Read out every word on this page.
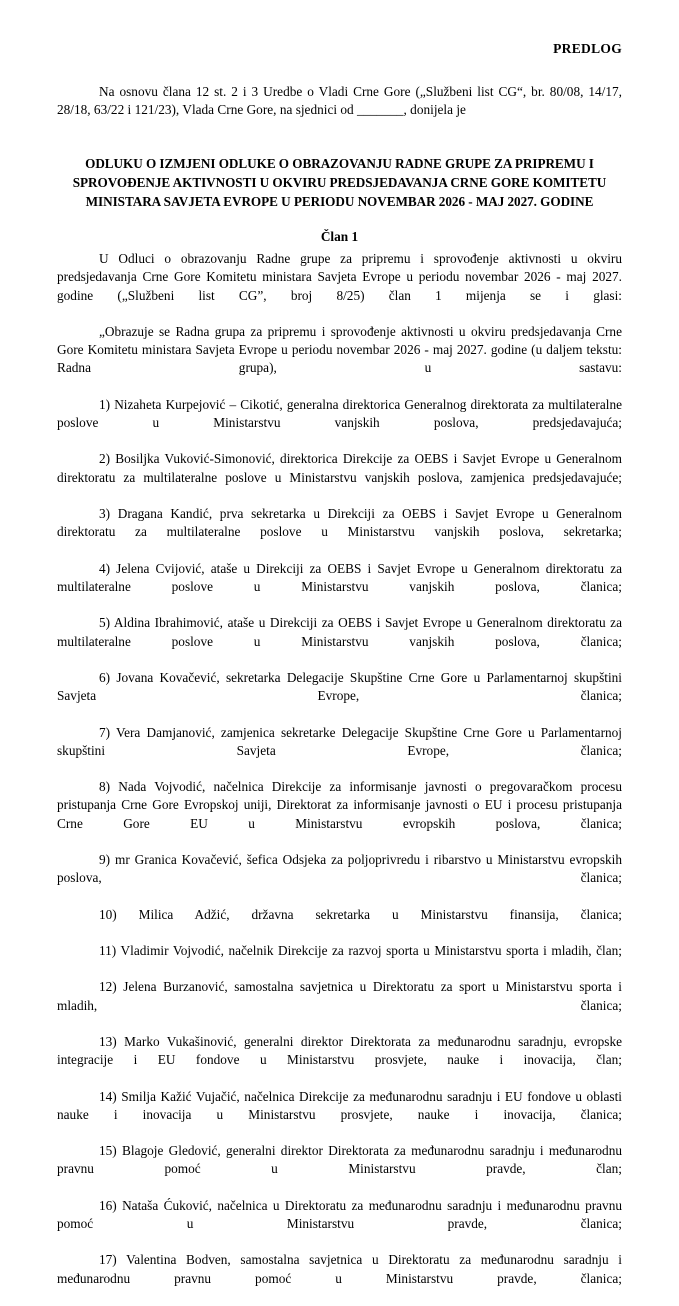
PREDLOG

Na osnovu člana 12 st. 2 i 3 Uredbe o Vladi Crne Gore („Službeni list CG“, br. 80/08, 14/17, 28/18, 63/22 i 121/23), Vlada Crne Gore, na sjednici od _______, donijela je

ODLUKU O IZMJENI ODLUKE O OBRAZOVANJU RADNE GRUPE ZA PRIPREMU I
SPROVOĐENJE AKTIVNOSTI U OKVIRU PREDSJEDAVANJA CRNE GORE KOMITETU
MINISTARA SAVJETA EVROPE U PERIODU NOVEMBAR 2026 - MAJ 2027. GODINE
Član 1

U Odluci o obrazovanju Radne grupe za pripremu i sprovođenje aktivnosti u okviru predsjedavanja Crne Gore Komitetu ministara Savjeta Evrope u periodu novembar 2026 - maj 2027. godine („Službeni list CG”, broj 8/25) član 1 mijenja se i glasi:

„Obrazuje se Radna grupa za pripremu i sprovođenje aktivnosti u okviru predsjedavanja Crne Gore Komitetu ministara Savjeta Evrope u periodu novembar 2026 - maj 2027. godine (u daljem tekstu: Radna grupa), u sastavu:

1) Nizaheta Kurpejović – Cikotić, generalna direktorica Generalnog direktorata za multilateralne poslove u Ministarstvu vanjskih poslova, predsjedavajuća;

2) Bosiljka Vuković-Simonović, direktorica Direkcije za OEBS i Savjet Evrope u Generalnom direktoratu za multilateralne poslove u Ministarstvu vanjskih poslova, zamjenica predsjedavajuće;

3) Dragana Kandić, prva sekretarka u Direkciji za OEBS i Savjet Evrope u Generalnom direktoratu za multilateralne poslove u Ministarstvu vanjskih poslova, sekretarka;

4) Jelena Cvijović, ataše u Direkciji za OEBS i Savjet Evrope u Generalnom direktoratu za multilateralne poslove u Ministarstvu vanjskih poslova, članica;

5) Aldina Ibrahimović, ataše u Direkciji za OEBS i Savjet Evrope u Generalnom direktoratu za multilateralne poslove u Ministarstvu vanjskih poslova, članica;

6) Jovana Kovačević, sekretarka Delegacije Skupštine Crne Gore u Parlamentarnoj skupštini Savjeta Evrope, članica;

7) Vera Damjanović, zamjenica sekretarke Delegacije Skupštine Crne Gore u Parlamentarnoj skupštini Savjeta Evrope, članica;

8) Nada Vojvodić, načelnica Direkcije za informisanje javnosti o pregovaračkom procesu pristupanja Crne Gore Evropskoj uniji, Direktorat za informisanje javnosti o EU i procesu pristupanja Crne Gore EU u Ministarstvu evropskih poslova, članica;

9) mr Granica Kovačević, šefica Odsjeka za poljoprivredu i ribarstvo u Ministarstvu evropskih poslova, članica;

10) Milica Adžić, državna sekretarka u Ministarstvu finansija, članica;

11) Vladimir Vojvodić, načelnik Direkcije za razvoj sporta u Ministarstvu sporta i mladih, član;

12) Jelena Burzanović, samostalna savjetnica u Direktoratu za sport u Ministarstvu sporta i mladih, članica;

13) Marko Vukašinović, generalni direktor Direktorata za međunarodnu saradnju, evropske integracije i EU fondove u Ministarstvu prosvjete, nauke i inovacija, član;

14) Smilja Kažić Vujačić, načelnica Direkcije za međunarodnu saradnju i EU fondove u oblasti nauke i inovacija u Ministarstvu prosvjete, nauke i inovacija, članica;

15) Blagoje Gledović, generalni direktor Direktorata za međunarodnu saradnju i međunarodnu pravnu pomoć u Ministarstvu pravde, član;

16) Nataša Ćuković, načelnica u Direktoratu za međunarodnu saradnju i međunarodnu pravnu pomoć u Ministarstvu pravde, članica;

17) Valentina Bodven, samostalna savjetnica u Direktoratu za međunarodnu saradnju i međunarodnu pravnu pomoć u Ministarstvu pravde, članica;
